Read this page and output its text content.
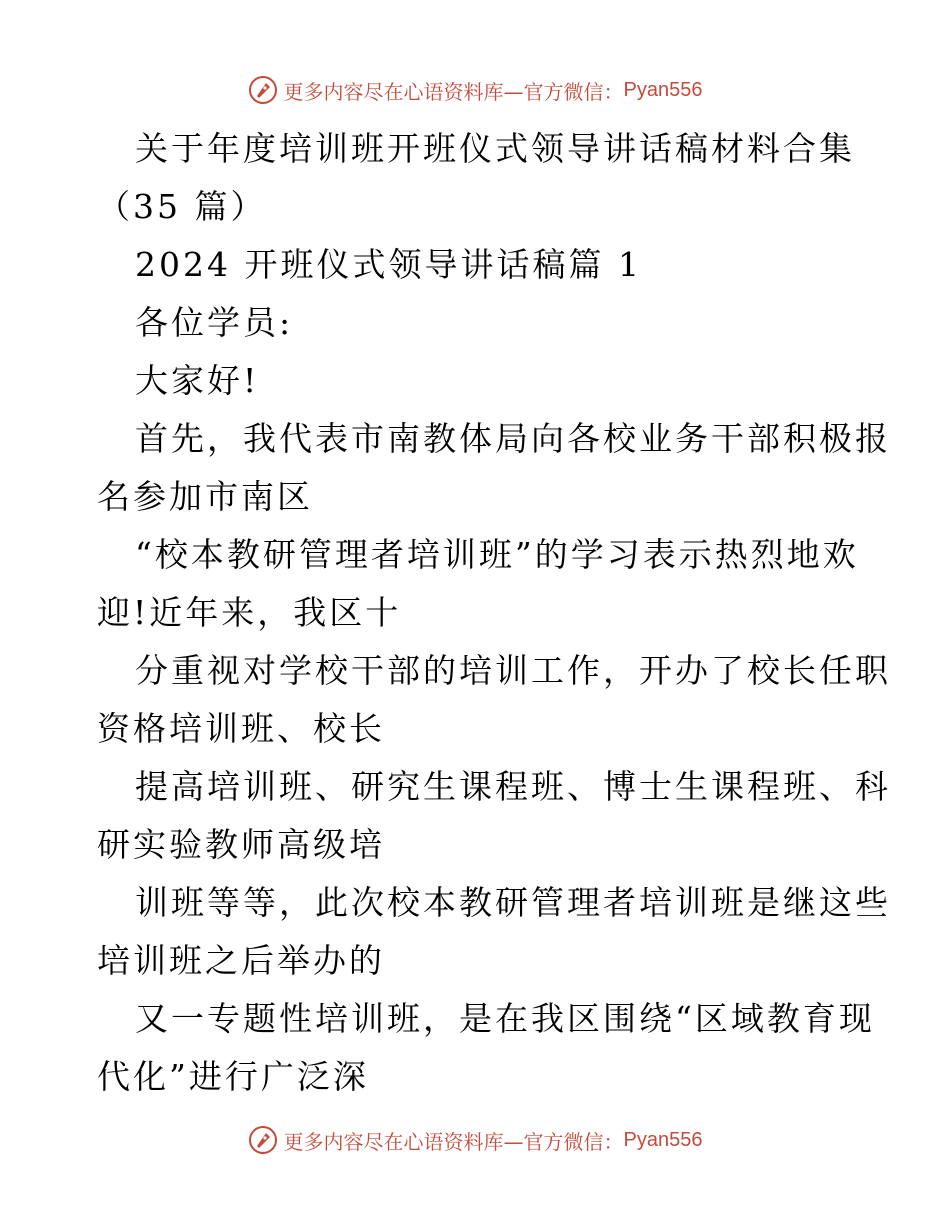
更多内容尽在心语资料库—官方微信： Pyan556
关于年度培训班开班仪式领导讲话稿材料合集
（35 篇）
2024 开班仪式领导讲话稿篇 1
各位学员:
大家好!
首先，我代表市南教体局向各校业务干部积极报
名参加市南区
“校本教研管理者培训班”的学习表示热烈地欢
迎!近年来，我区十
分重视对学校干部的培训工作，开办了校长任职
资格培训班、校长
提高培训班、研究生课程班、博士生课程班、科
研实验教师高级培
训班等等，此次校本教研管理者培训班是继这些
培训班之后举办的
又一专题性培训班，是在我区围绕“区域教育现
代化”进行广泛深
更多内容尽在心语资料库—官方微信： Pyan556
